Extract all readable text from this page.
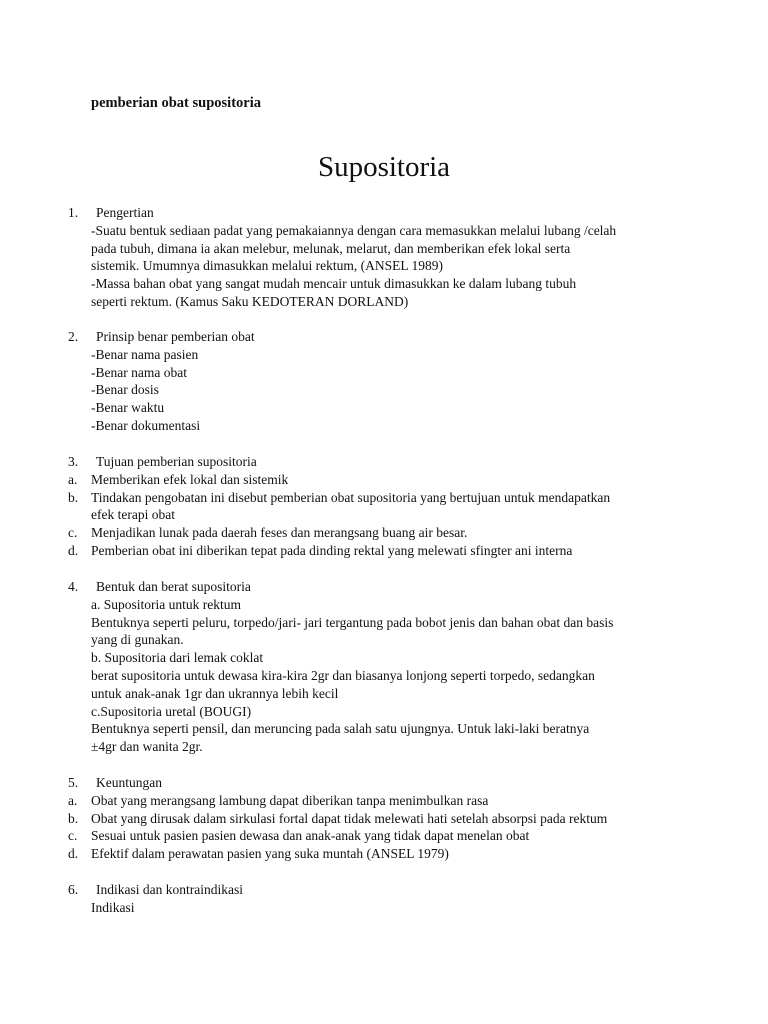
pemberian obat supositoria
Supositoria
1. Pengertian
-Suatu bentuk sediaan padat yang pemakaiannya dengan cara memasukkan melalui lubang /celah
pada tubuh, dimana ia akan melebur, melunak, melarut, dan memberikan efek lokal serta
sistemik. Umumnya dimasukkan melalui rektum, (ANSEL 1989)
-Massa bahan obat yang sangat mudah mencair untuk dimasukkan ke dalam lubang tubuh
seperti rektum. (Kamus Saku KEDOTERAN DORLAND)
2. Prinsip benar pemberian obat
-Benar nama pasien
-Benar nama obat
-Benar dosis
-Benar waktu
-Benar dokumentasi
3. Tujuan pemberian supositoria
a. Memberikan efek lokal dan sistemik
b. Tindakan pengobatan ini disebut pemberian obat supositoria yang bertujuan untuk mendapatkan
efek terapi obat
c. Menjadikan lunak pada daerah feses dan merangsang buang air besar.
d. Pemberian obat ini diberikan tepat pada dinding rektal yang melewati sfingter ani interna
4. Bentuk dan berat supositoria
a. Supositoria untuk rektum
Bentuknya seperti peluru, torpedo/jari- jari tergantung pada bobot jenis dan bahan obat dan basis
yang di gunakan.
b. Supositoria dari lemak coklat
berat supositoria untuk dewasa kira-kira 2gr dan biasanya lonjong seperti torpedo, sedangkan
untuk anak-anak 1gr dan ukrannya lebih kecil
c.Supositoria uretal (BOUGI)
Bentuknya seperti pensil, dan meruncing pada salah satu ujungnya. Untuk laki-laki beratnya
±4gr dan wanita 2gr.
5. Keuntungan
a. Obat yang merangsang lambung dapat diberikan tanpa menimbulkan rasa
b. Obat yang dirusak dalam sirkulasi fortal dapat tidak melewati hati setelah absorpsi pada rektum
c. Sesuai untuk pasien pasien dewasa dan anak-anak yang tidak dapat menelan obat
d. Efektif dalam perawatan pasien yang suka muntah (ANSEL 1979)
6. Indikasi dan kontraindikasi
Indikasi
